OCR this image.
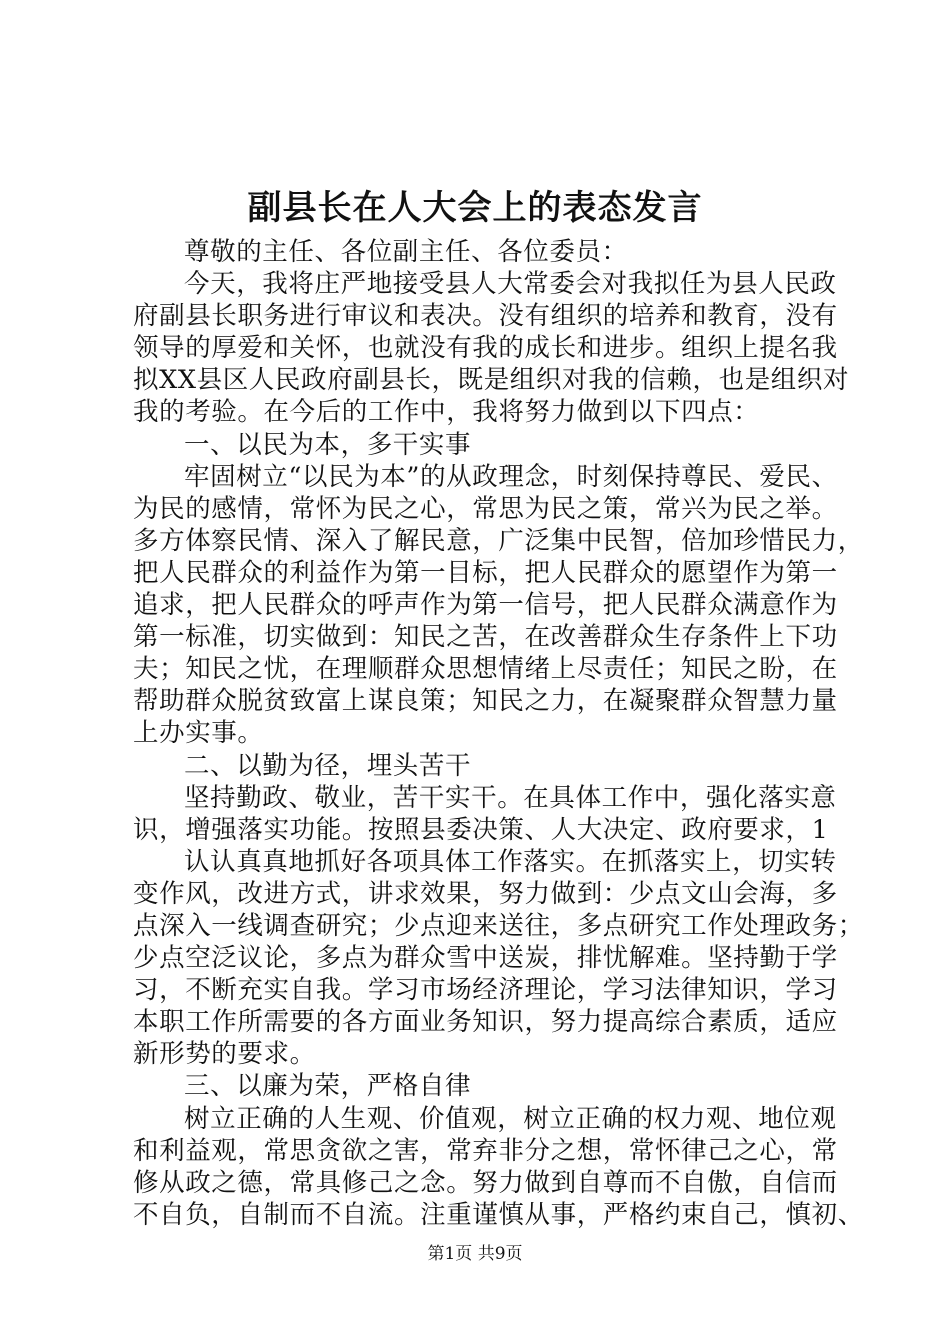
副县长在人大会上的表态发言
尊敬的主任、各位副主任、各位委员：
今天，我将庄严地接受县人大常委会对我拟任为县人民政
府副县长职务进行审议和表决。没有组织的培养和教育，没有
领导的厚爱和关怀，也就没有我的成长和进步。组织上提名我
拟XX县区人民政府副县长，既是组织对我的信赖，也是组织对
我的考验。在今后的工作中，我将努力做到以下四点：
一、以民为本，多干实事
牢固树立“以民为本”的从政理念，时刻保持尊民、爱民、
为民的感情，常怀为民之心，常思为民之策，常兴为民之举。
多方体察民情、深入了解民意，广泛集中民智，倍加珍惜民力，
把人民群众的利益作为第一目标，把人民群众的愿望作为第一
追求，把人民群众的呼声作为第一信号，把人民群众满意作为
第一标准，切实做到：知民之苦，在改善群众生存条件上下功
夫；知民之忧，在理顺群众思想情绪上尽责任；知民之盼，在
帮助群众脱贫致富上谋良策；知民之力，在凝聚群众智慧力量
上办实事。
二、以勤为径，埋头苦干
坚持勤政、敬业，苦干实干。在具体工作中，强化落实意
识，增强落实功能。按照县委决策、人大决定、政府要求，1
认认真真地抓好各项具体工作落实。在抓落实上，切实转
变作风，改进方式，讲求效果，努力做到：少点文山会海，多
点深入一线调查研究；少点迎来送往，多点研究工作处理政务；
少点空泛议论，多点为群众雪中送炭，排忧解难。坚持勤于学
习，不断充实自我。学习市场经济理论，学习法律知识，学习
本职工作所需要的各方面业务知识，努力提高综合素质，适应
新形势的要求。
三、以廉为荣，严格自律
树立正确的人生观、价值观，树立正确的权力观、地位观
和利益观，常思贪欲之害，常弃非分之想，常怀律己之心，常
修从政之德，常具修己之念。努力做到自尊而不自傲，自信而
不自负，自制而不自流。注重谨慎从事，严格约束自己，慎初、
第1页 共9页
